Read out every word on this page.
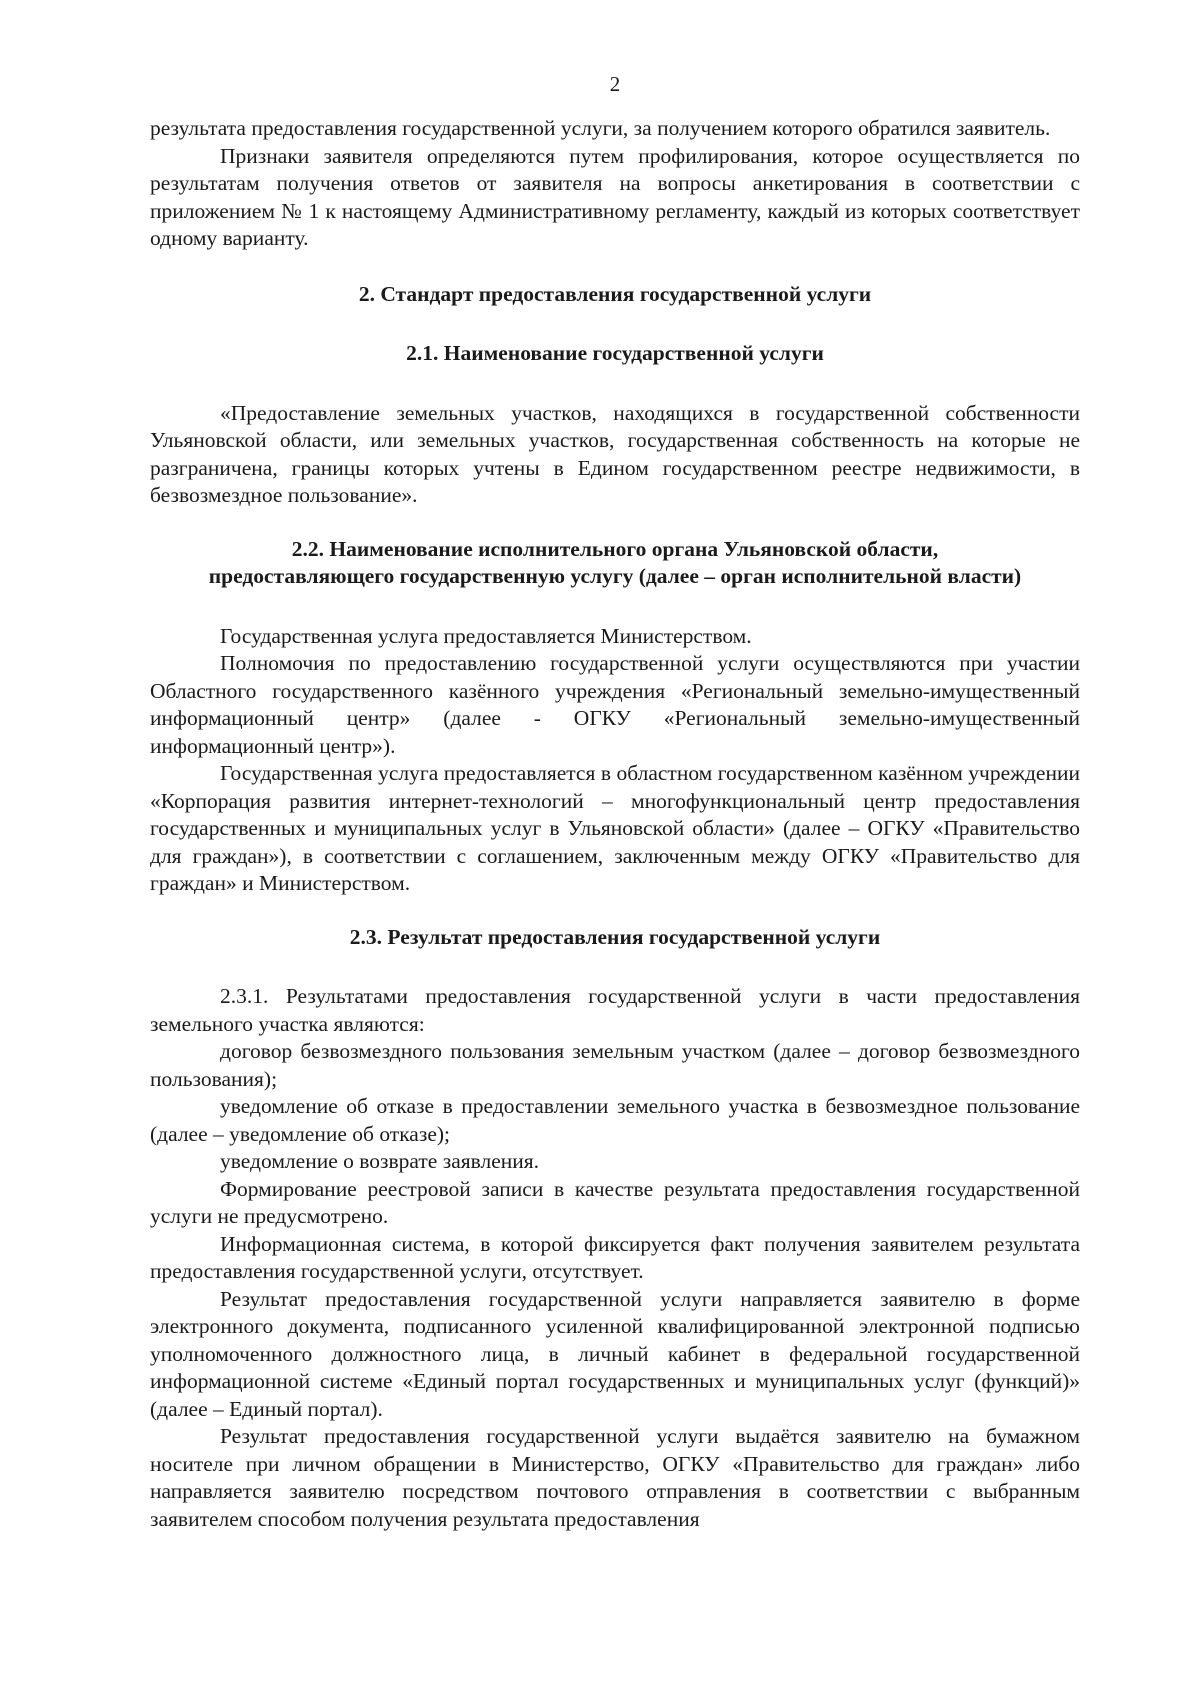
2

результата предоставления государственной услуги, за получением которого обратился заявитель.

Признаки заявителя определяются путем профилирования, которое осуществляется по результатам получения ответов от заявителя на вопросы анкетирования в соответствии с приложением № 1 к настоящему Административному регламенту, каждый из которых соответствует одному варианту.

2. Стандарт предоставления государственной услуги
2.1. Наименование государственной услуги

«Предоставление земельных участков, находящихся в государственной собственности Ульяновской области, или земельных участков, государственная собственность на которые не разграничена, границы которых учтены в Едином государственном реестре недвижимости, в безвозмездное пользование».

2.2. Наименование исполнительного органа Ульяновской области,
предоставляющего государственную услугу (далее – орган исполнительной власти)

Государственная услуга предоставляется Министерством.

Полномочия по предоставлению государственной услуги осуществляются при участии Областного государственного казённого учреждения «Региональный земельно-имущественный информационный центр» (далее - ОГКУ «Региональный земельно-имущественный информационный центр»).

Государственная услуга предоставляется в областном государственном казённом учреждении «Корпорация развития интернет-технологий – многофункциональный центр предоставления государственных и муниципальных услуг в Ульяновской области» (далее – ОГКУ «Правительство для граждан»), в соответствии с соглашением, заключенным между ОГКУ «Правительство для граждан» и Министерством.

2.3. Результат предоставления государственной услуги

2.3.1. Результатами предоставления государственной услуги в части предоставления земельного участка являются:

договор безвозмездного пользования земельным участком (далее – договор безвозмездного пользования);

уведомление об отказе в предоставлении земельного участка в безвозмездное пользование (далее – уведомление об отказе);

уведомление о возврате заявления.

Формирование реестровой записи в качестве результата предоставления государственной услуги не предусмотрено.

Информационная система, в которой фиксируется факт получения заявителем результата предоставления государственной услуги, отсутствует.

Результат предоставления государственной услуги направляется заявителю в форме электронного документа, подписанного усиленной квалифицированной электронной подписью уполномоченного должностного лица, в личный кабинет в федеральной государственной информационной системе «Единый портал государственных и муниципальных услуг (функций)» (далее – Единый портал).

Результат предоставления государственной услуги выдаётся заявителю на бумажном носителе при личном обращении в Министерство, ОГКУ «Правительство для граждан» либо направляется заявителю посредством почтового отправления в соответствии с выбранным заявителем способом получения результата предоставления
